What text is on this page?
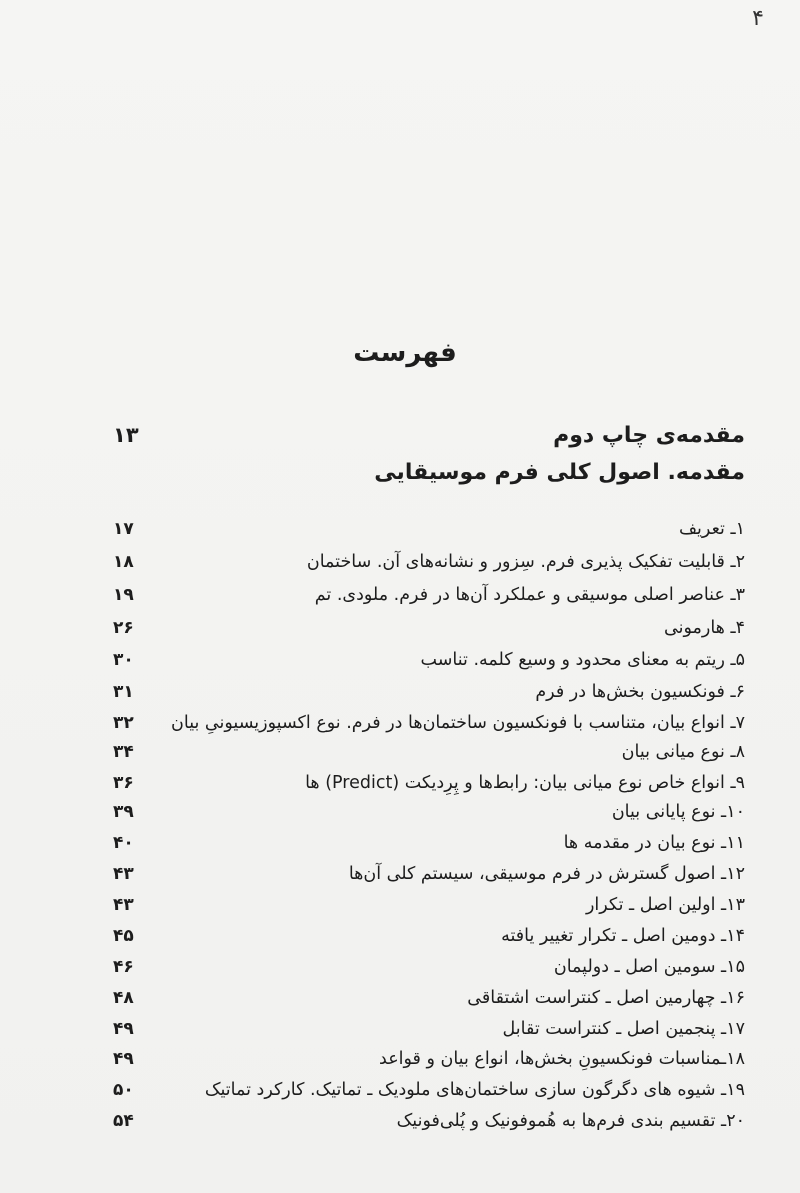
۴
فهرست
مقدمه‌ی چاپ دوم
۱۳
مقدمه. اصول کلی فرم موسیقایی
۱ـ تعریف
۱۷
۲ـ قابلیت تفکیک پذیری فرم. سِزور و نشانه‌های آن. ساختمان
۱۸
۳ـ عناصر اصلی موسیقی و عملکرد آن‌ها در فرم. ملودی. تم
۱۹
۴ـ هارمونی
۲۶
۵ـ ریتم به معنای محدود و وسیع کلمه. تناسب
۳۰
۶ـ فونکسیون بخش‌ها در فرم
۳۱
۷ـ انواع بیان، متناسب با فونکسیون ساختمان‌ها در فرم. نوع اکسپوزیسیونیِ بیان
۳۲
۸ـ نوع میانی بیان
۳۴
۹ـ انواع خاص نوع میانی بیان: رابط‌ها و پِرِدیکت (Predict) ها
۳۶
۱۰ـ نوع پایانی بیان
۳۹
۱۱ـ نوع بیان در مقدمه ها
۴۰
۱۲ـ اصول گسترش در فرم موسیقی، سیستم کلی آن‌ها
۴۳
۱۳ـ اولین اصل ـ تکرار
۴۳
۱۴ـ دومین اصل ـ تکرار تغییر یافته
۴۵
۱۵ـ سومین اصل ـ دولپمان
۴۶
۱۶ـ چهارمین اصل ـ کنتراست اشتقاقی
۴۸
۱۷ـ پنجمین اصل ـ کنتراست تقابل
۴۹
۱۸ـمناسبات فونکسیونِ بخش‌ها، انواع بیان و قواعد
۴۹
۱۹ـ شیوه های دگرگون سازی ساختمان‌های ملودیک ـ تماتیک. کارکرد تماتیک
۵۰
۲۰ـ تقسیم بندی فرم‌ها به هُموفونیک و پُلی‌فونیک
۵۴
